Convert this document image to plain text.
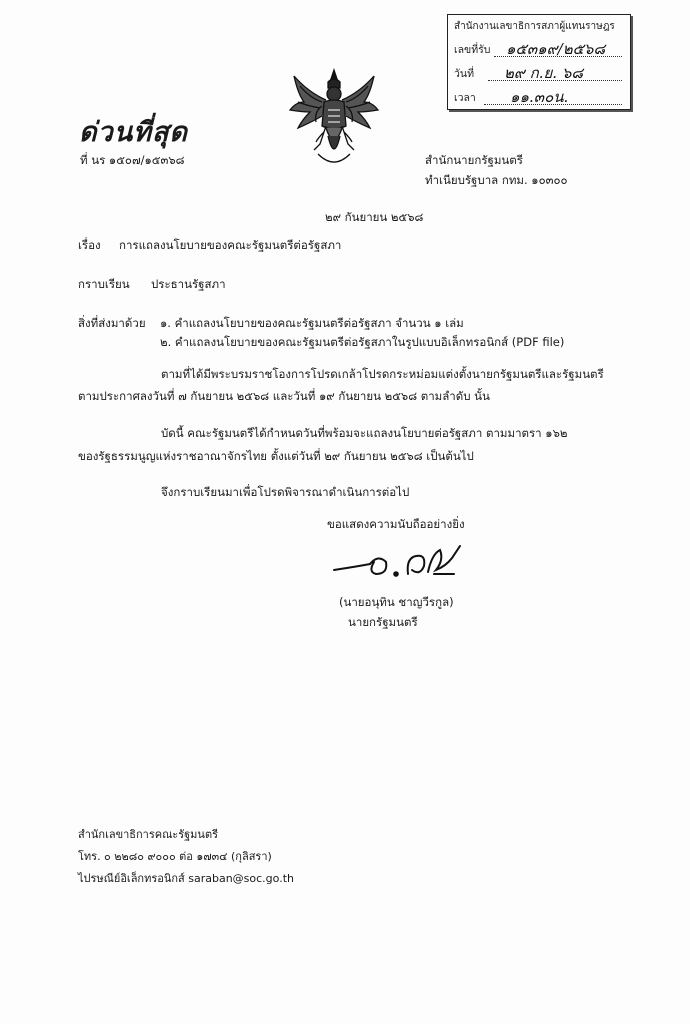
สำนักงานเลขาธิการสภาผู้แทนราษฎร
เลขที่รับ ๑๕๓๑๙/๒๕๖๘
วันที่ ๒๙ ก.ย. ๖๘
เวลา ๑๑.๓๐น.
ด่วนที่สุด
ที่ นร ๑๕๐๗/๑๕๓๖๘	สำนักนายกรัฐมนตรี
ทำเนียบรัฐบาล กทม. ๑๐๓๐๐
๒๙ กันยายน ๒๕๖๘
เรื่อง การแถลงนโยบายของคณะรัฐมนตรีต่อรัฐสภา
กราบเรียน ประธานรัฐสภา
สิ่งที่ส่งมาด้วย ๑. คำแถลงนโยบายของคณะรัฐมนตรีต่อรัฐสภา จำนวน ๑ เล่ม
๒. คำแถลงนโยบายของคณะรัฐมนตรีต่อรัฐสภาในรูปแบบอิเล็กทรอนิกส์ (PDF file)
ตามที่ได้มีพระบรมราชโองการโปรดเกล้าโปรดกระหม่อมแต่งตั้งนายกรัฐมนตรีและรัฐมนตรี
ตามประกาศลงวันที่ ๗ กันยายน ๒๕๖๘ และวันที่ ๑๙ กันยายน ๒๕๖๘ ตามลำดับ นั้น
บัดนี้ คณะรัฐมนตรีได้กำหนดวันที่พร้อมจะแถลงนโยบายต่อรัฐสภา ตามมาตรา ๑๖๒
ของรัฐธรรมนูญแห่งราชอาณาจักรไทย ตั้งแต่วันที่ ๒๙ กันยายน ๒๕๖๘ เป็นต้นไป
จึงกราบเรียนมาเพื่อโปรดพิจารณาดำเนินการต่อไป
ขอแสดงความนับถืออย่างยิ่ง
(นายอนุทิน ชาญวีรกูล)
นายกรัฐมนตรี
สำนักเลขาธิการคณะรัฐมนตรี
โทร. ๐ ๒๒๘๐ ๙๐๐๐ ต่อ ๑๗๓๔ (กุลิสรา)
ไปรษณีย์อิเล็กทรอนิกส์ saraban@soc.go.th
